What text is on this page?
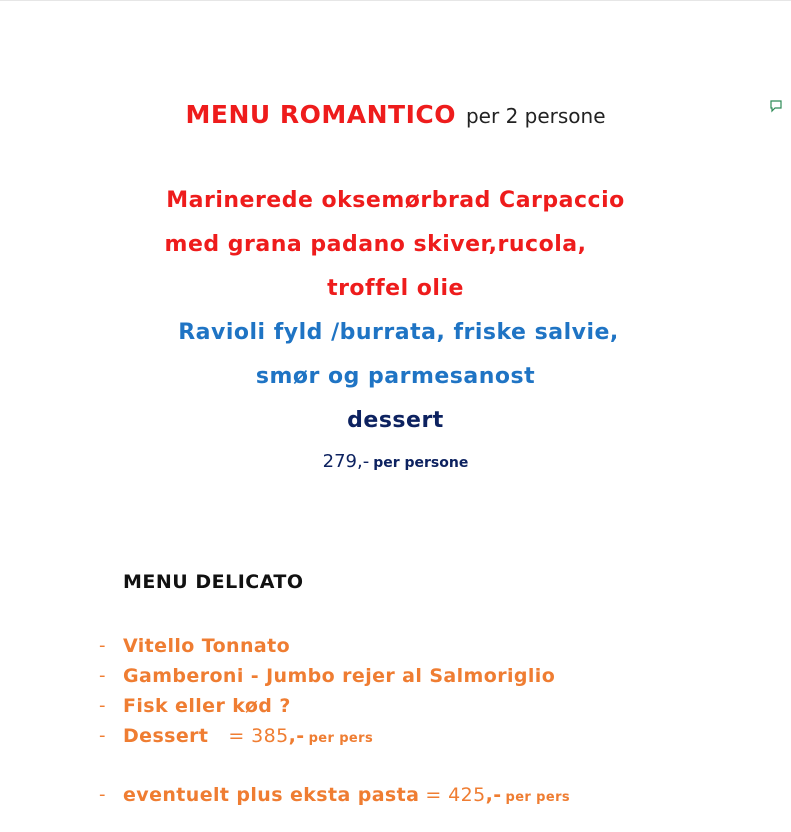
MENU ROMANTICO per 2 persone
Marinerede oksemørbrad Carpaccio
med grana padano skiver,rucola,
troffel olie
Ravioli fyld /burrata, friske salvie,
smør og parmesanost
dessert
279,- per persone
MENU DELICATO
- Vitello Tonnato
- Gamberoni - Jumbo rejer al Salmoriglio
- Fisk eller kød ?
- Dessert = 385,- per pers
- eventuelt plus eksta pasta = 425,- per pers
